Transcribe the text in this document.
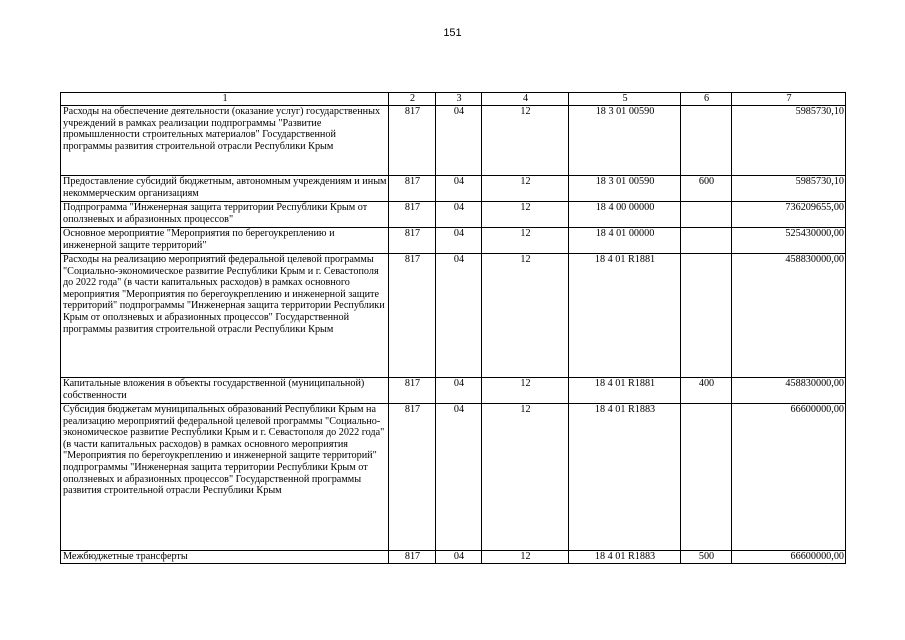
151
1	2	3	4	5	6	7
Расходы на обеспечение деятельности (оказание услуг) государственных учреждений в рамках реализации подпрограммы "Развитие промышленности строительных материалов" Государственной программы развития строительной отрасли Республики Крым	817	04	12	18 3 01 00590		5985730,10
Предоставление субсидий бюджетным, автономным учреждениям и иным некоммерческим организациям	817	04	12	18 3 01 00590	600	5985730,10
Подпрограмма "Инженерная защита территории Республики Крым от оползневых и абразионных процессов"	817	04	12	18 4 00 00000		736209655,00
Основное мероприятие "Мероприятия по берегоукреплению и инженерной защите территорий"	817	04	12	18 4 01 00000		525430000,00
Расходы на реализацию мероприятий федеральной целевой программы "Социально-экономическое развитие Республики Крым и г. Севастополя до 2022 года" (в части капитальных расходов) в рамках основного мероприятия "Мероприятия по берегоукреплению и инженерной защите территорий" подпрограммы "Инженерная защита территории Республики Крым от оползневых и абразионных процессов" Государственной программы развития строительной отрасли Республики Крым	817	04	12	18 4 01 R1881		458830000,00
Капитальные вложения в объекты государственной (муниципальной) собственности	817	04	12	18 4 01 R1881	400	458830000,00
Субсидия бюджетам муниципальных образований Республики Крым на реализацию мероприятий федеральной целевой программы "Социально-экономическое развитие Республики Крым и г. Севастополя до 2022 года" (в части капитальных расходов) в рамках основного мероприятия "Мероприятия по берегоукреплению и инженерной защите территорий" подпрограммы "Инженерная защита территории Республики Крым от оползневых и абразионных процессов" Государственной программы развития строительной отрасли Республики Крым	817	04	12	18 4 01 R1883		66600000,00
Межбюджетные трансферты	817	04	12	18 4 01 R1883	500	66600000,00
